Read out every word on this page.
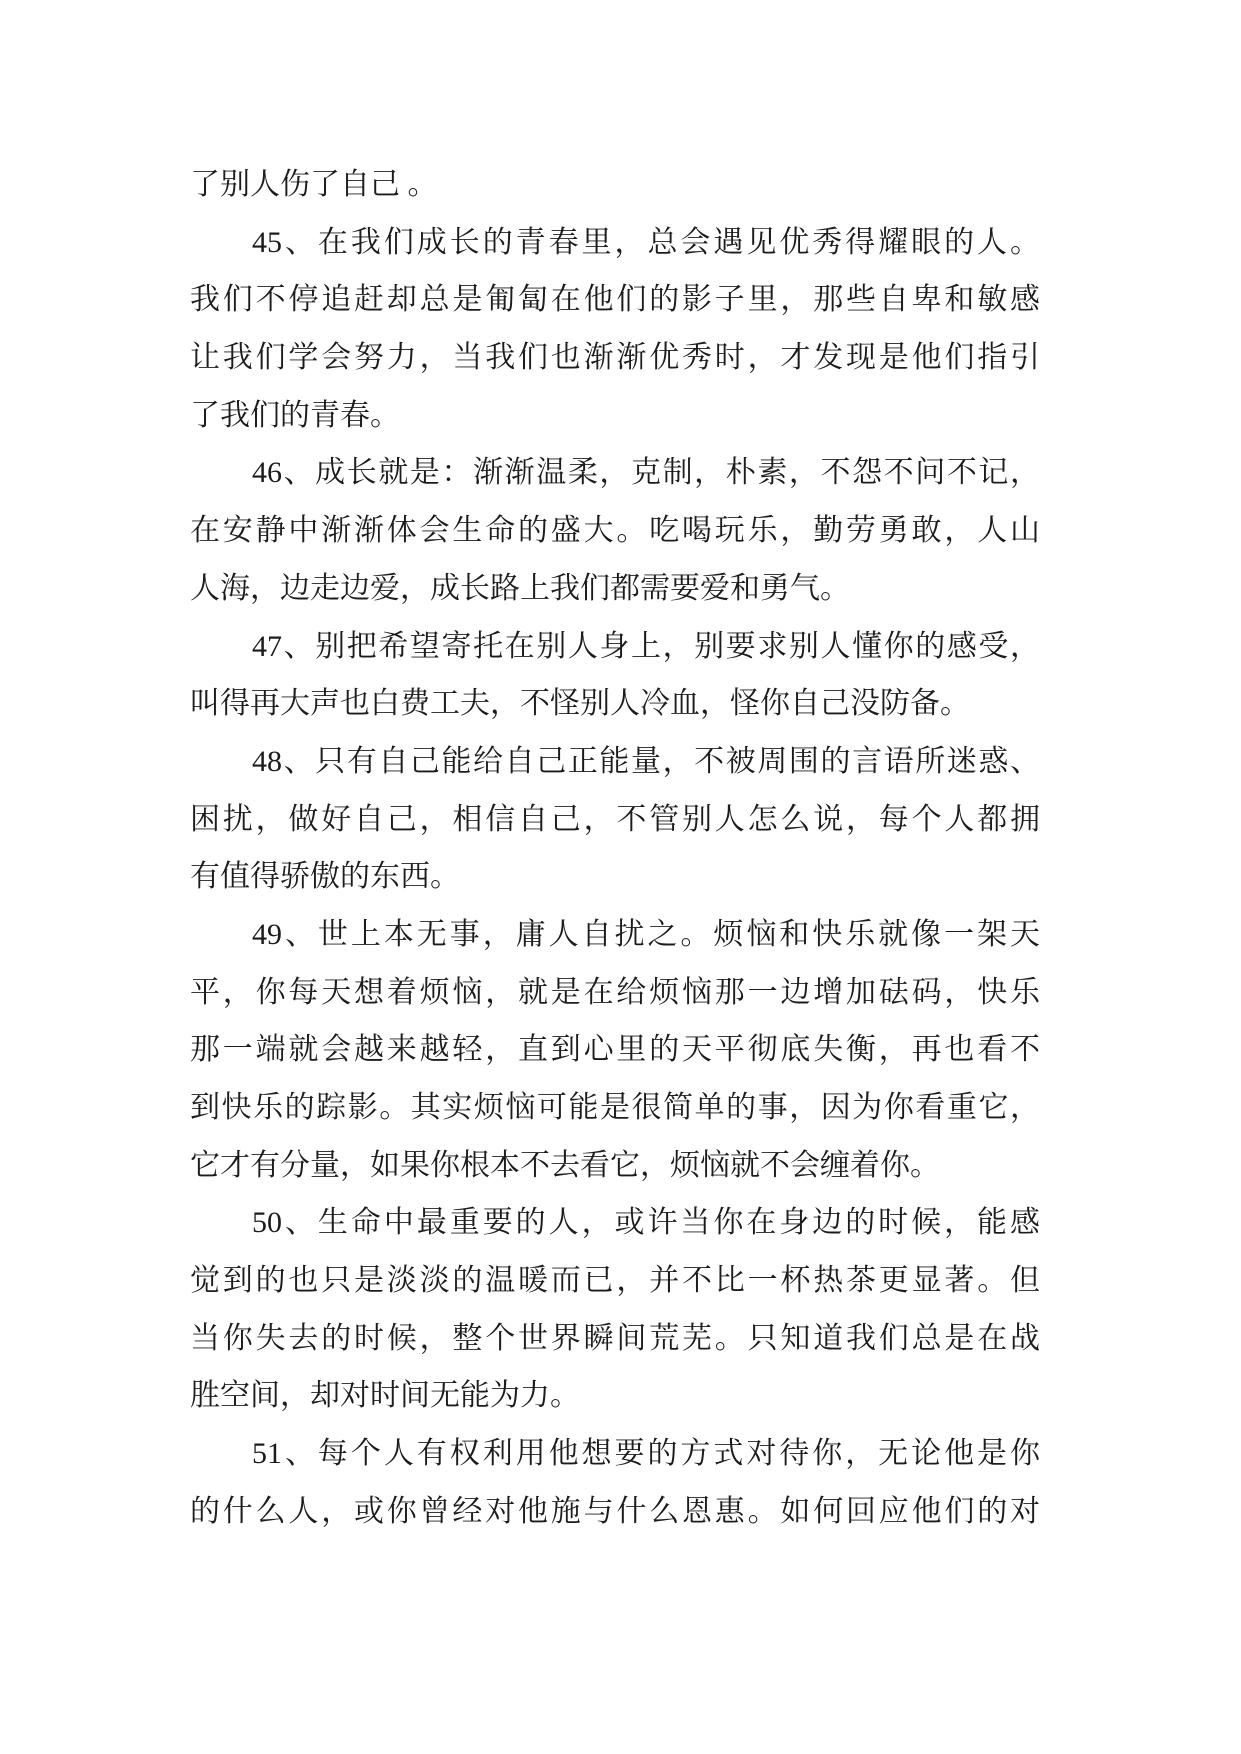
了别人伤了自己 。
45、在我们成长的青春里，总会遇见优秀得耀眼的人。
我们不停追赶却总是匍匐在他们的影子里，那些自卑和敏感
让我们学会努力，当我们也渐渐优秀时，才发现是他们指引
了我们的青春。
46、成长就是：渐渐温柔，克制，朴素，不怨不问不记，
在安静中渐渐体会生命的盛大。吃喝玩乐，勤劳勇敢，人山
人海，边走边爱，成长路上我们都需要爱和勇气。
47、别把希望寄托在别人身上，别要求别人懂你的感受，
叫得再大声也白费工夫，不怪别人冷血，怪你自己没防备。
48、只有自己能给自己正能量，不被周围的言语所迷惑、
困扰，做好自己，相信自己，不管别人怎么说，每个人都拥
有值得骄傲的东西。
49、世上本无事，庸人自扰之。烦恼和快乐就像一架天
平，你每天想着烦恼，就是在给烦恼那一边增加砝码，快乐
那一端就会越来越轻，直到心里的天平彻底失衡，再也看不
到快乐的踪影。其实烦恼可能是很简单的事，因为你看重它，
它才有分量，如果你根本不去看它，烦恼就不会缠着你。
50、生命中最重要的人，或许当你在身边的时候，能感
觉到的也只是淡淡的温暖而已，并不比一杯热茶更显著。但
当你失去的时候，整个世界瞬间荒芜。只知道我们总是在战
胜空间，却对时间无能为力。
51、每个人有权利用他想要的方式对待你，无论他是你
的什么人，或你曾经对他施与什么恩惠。如何回应他们的对
